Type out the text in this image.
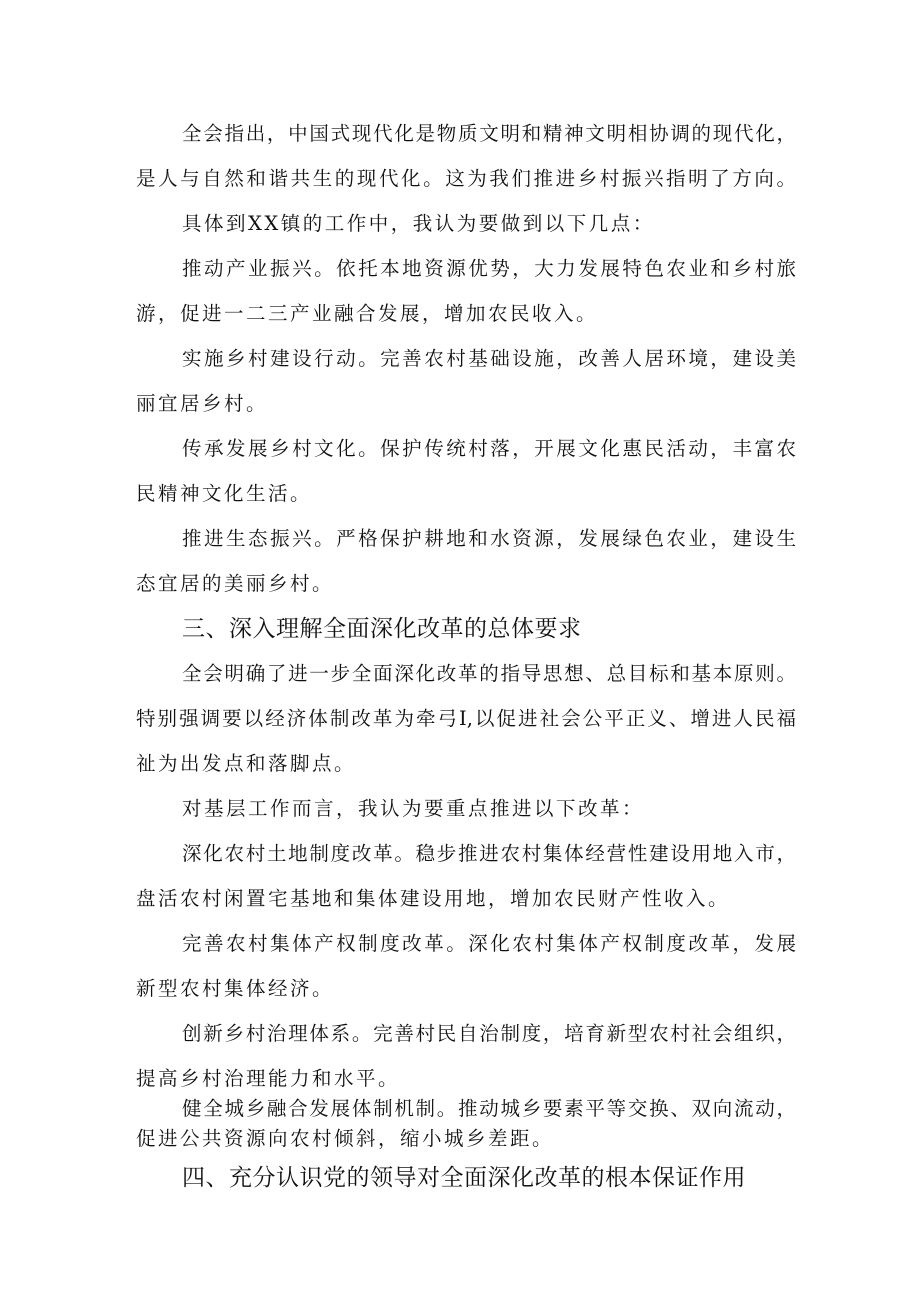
全会指出，中国式现代化是物质文明和精神文明相协调的现代化，
是人与自然和谐共生的现代化。这为我们推进乡村振兴指明了方向。
具体到XX镇的工作中，我认为要做到以下几点：
推动产业振兴。依托本地资源优势，大力发展特色农业和乡村旅
游，促进一二三产业融合发展，增加农民收入。
实施乡村建设行动。完善农村基础设施，改善人居环境，建设美
丽宜居乡村。
传承发展乡村文化。保护传统村落，开展文化惠民活动，丰富农
民精神文化生活。
推进生态振兴。严格保护耕地和水资源，发展绿色农业，建设生
态宜居的美丽乡村。
三、深入理解全面深化改革的总体要求
全会明确了进一步全面深化改革的指导思想、总目标和基本原则。
特别强调要以经济体制改革为牵弓I,以促进社会公平正义、增进人民福
祉为出发点和落脚点。
对基层工作而言，我认为要重点推进以下改革：
深化农村土地制度改革。稳步推进农村集体经营性建设用地入市，
盘活农村闲置宅基地和集体建设用地，增加农民财产性收入。
完善农村集体产权制度改革。深化农村集体产权制度改革，发展
新型农村集体经济。
创新乡村治理体系。完善村民自治制度，培育新型农村社会组织，
提高乡村治理能力和水平。
健全城乡融合发展体制机制。推动城乡要素平等交换、双向流动，
促进公共资源向农村倾斜，缩小城乡差距。
四、充分认识党的领导对全面深化改革的根本保证作用
